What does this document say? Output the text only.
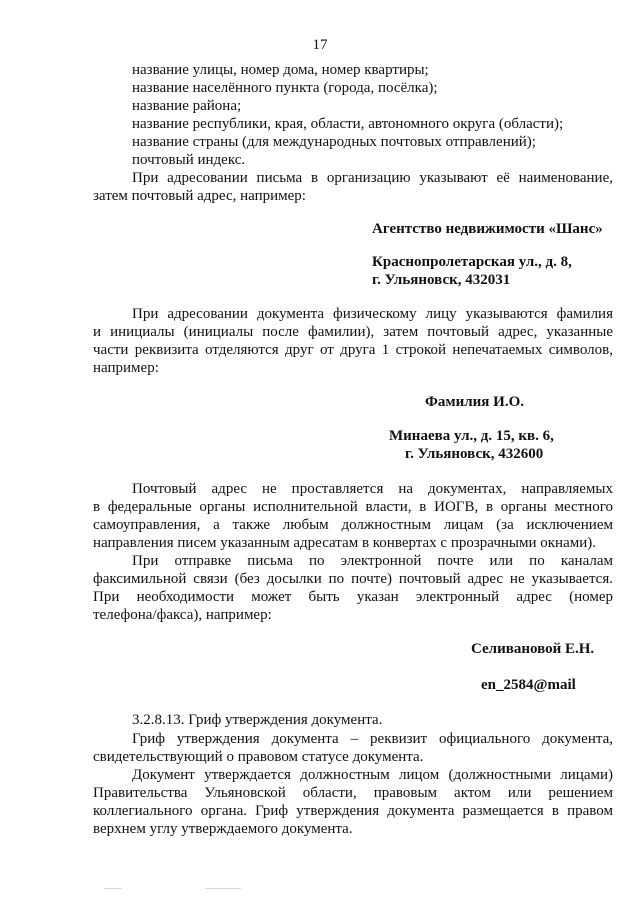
17
название улицы, номер дома, номер квартиры;
название населённого пункта (города, посёлка);
название района;
название республики, края, области, автономного округа (области);
название страны (для международных почтовых отправлений);
почтовый индекс.
При адресовании письма в организацию указывают её наименование,
затем почтовый адрес, например:
Агентство недвижимости «Шанс»
Краснопролетарская ул., д. 8,
г. Ульяновск, 432031
При адресовании документа физическому лицу указываются фамилия
и инициалы (инициалы после фамилии), затем почтовый адрес, указанные
части реквизита отделяются друг от друга 1 строкой непечатаемых символов,
например:
Фамилия И.О.
Минаева ул., д. 15, кв. 6,
г. Ульяновск, 432600
Почтовый адрес не проставляется на документах, направляемых
в федеральные органы исполнительной власти, в ИОГВ, в органы местного
самоуправления, а также любым должностным лицам (за исключением
направления писем указанным адресатам в конвертах с прозрачными окнами).
При отправке письма по электронной почте или по каналам
факсимильной связи (без досылки по почте) почтовый адрес не указывается.
При необходимости может быть указан электронный адрес (номер
телефона/факса), например:
Селивановой Е.Н.
en_2584@mail
3.2.8.13. Гриф утверждения документа.
Гриф утверждения документа – реквизит официального документа,
свидетельствующий о правовом статусе документа.
Документ утверждается должностным лицом (должностными лицами)
Правительства Ульяновской области, правовым актом или решением
коллегиального органа. Гриф утверждения документа размещается в правом
верхнем углу утверждаемого документа.
